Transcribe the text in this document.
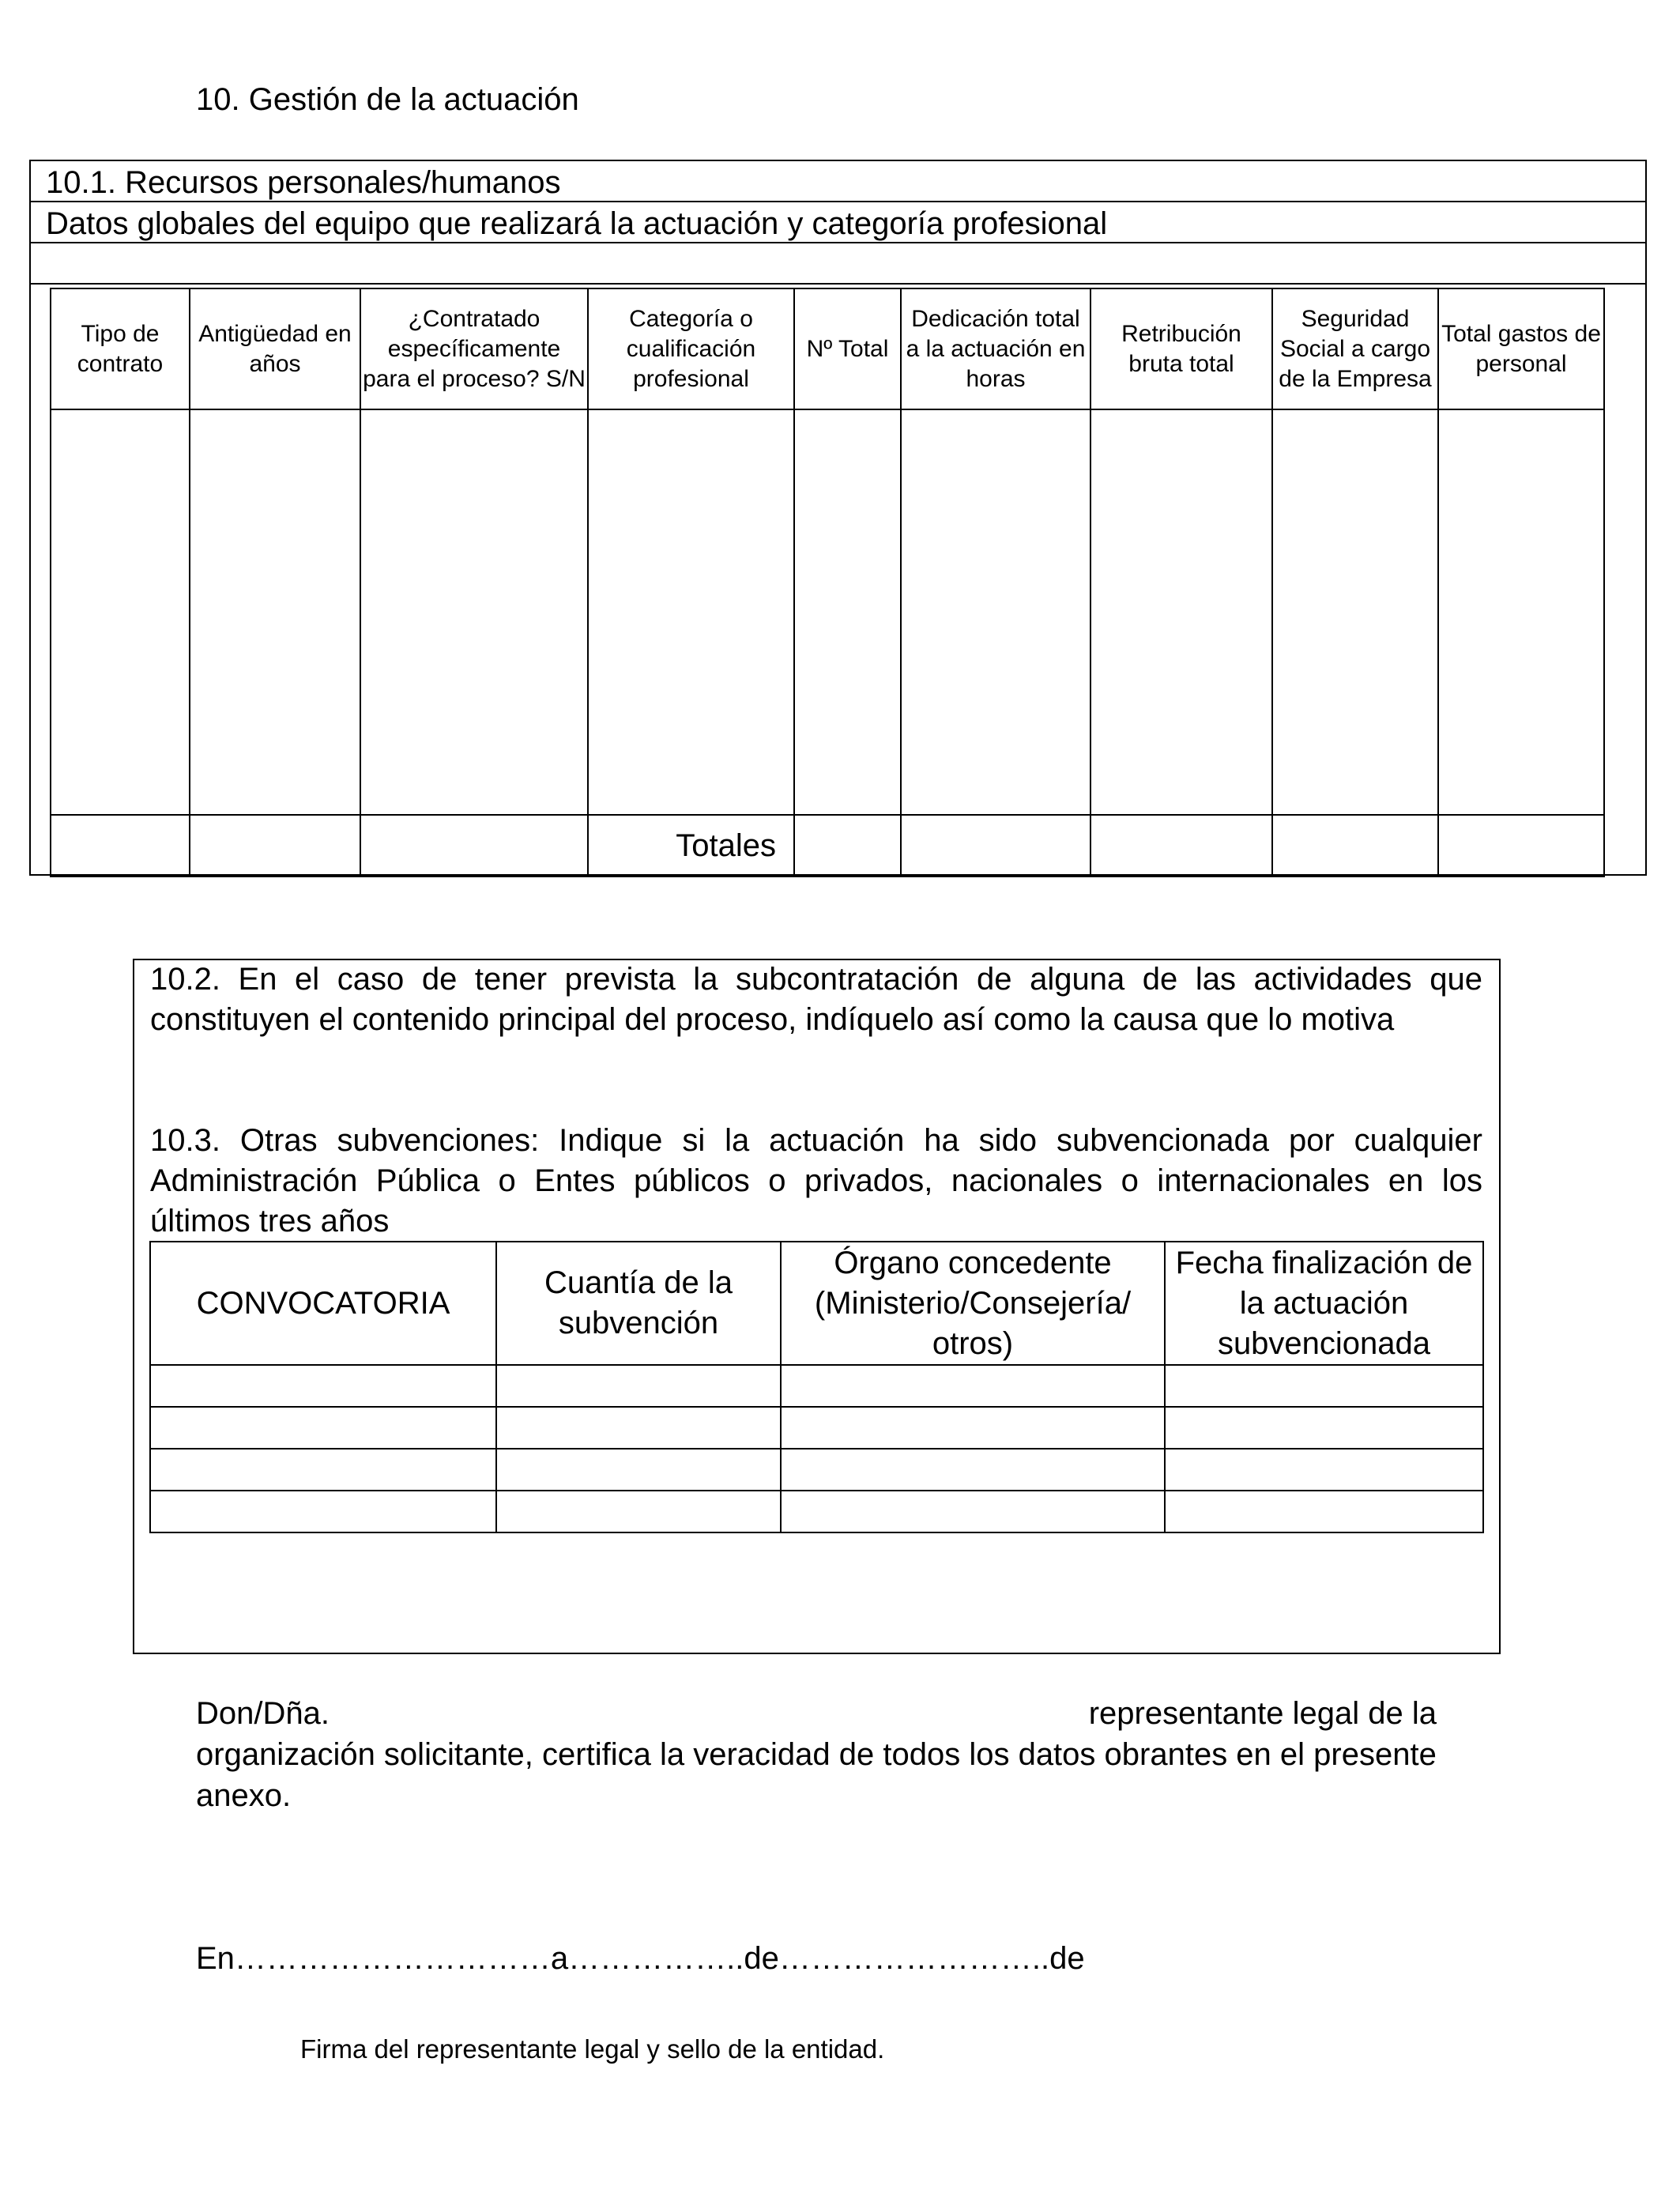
10. Gestión de la actuación
10.1. Recursos personales/humanos
Datos globales del equipo que realizará la actuación y categoría profesional
Tipo de contrato	Antigüedad en años	¿Contratado específicamente para el proceso? S/N	Categoría o cualificación profesional	Nº Total	Dedicación total a la actuación en horas	Retribución bruta total	Seguridad Social a cargo de la Empresa	Total gastos de personal

			Totales					
10.2. En el caso de tener prevista la subcontratación de alguna de las actividades que constituyen el contenido principal del proceso, indíquelo así como la causa que lo motiva
10.3. Otras subvenciones: Indique si la actuación ha sido subvencionada por cualquier Administración Pública o Entes públicos o privados, nacionales o internacionales en los últimos tres años
CONVOCATORIA	Cuantía de la subvención	Órgano concedente (Ministerio/Consejería/ otros)	Fecha finalización de la actuación subvencionada

Don/Dña.	representante legal de la
organización solicitante, certifica la veracidad de todos los datos obrantes en el presente anexo.
En…………………………a……………..de……………………..de
Firma del representante legal y sello de la entidad.
